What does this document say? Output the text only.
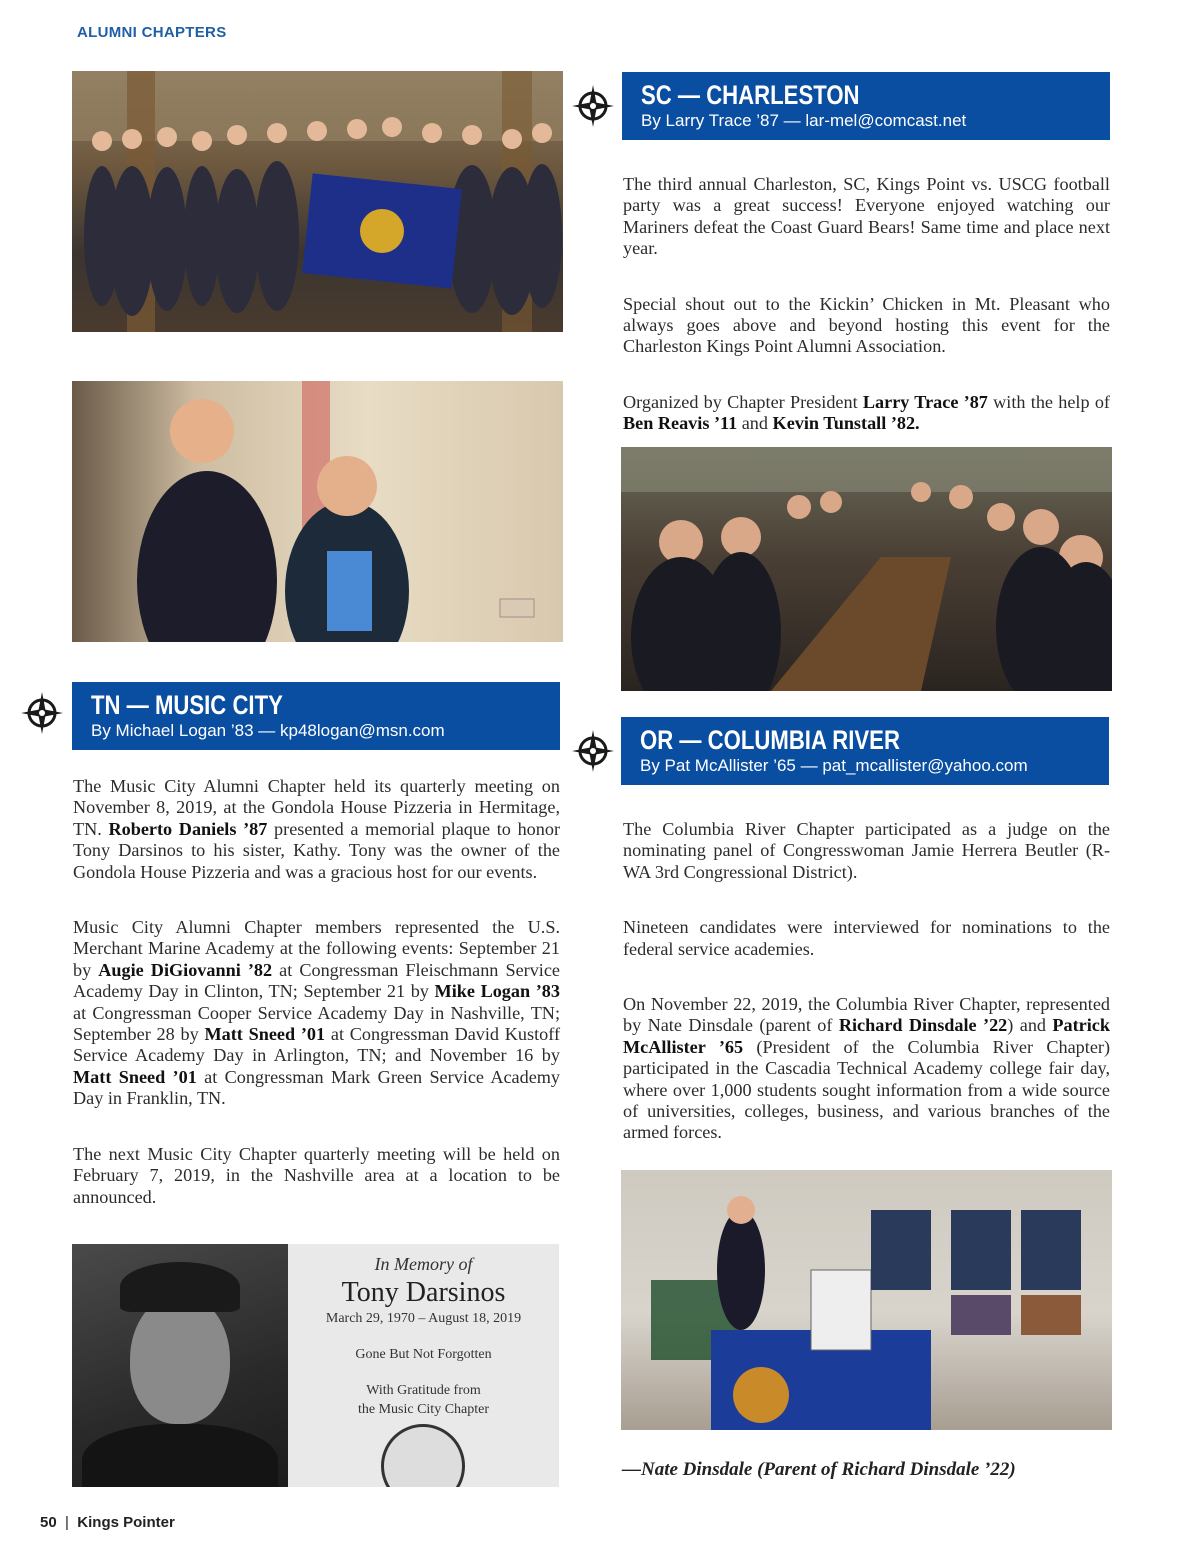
ALUMNI CHAPTERS
In Memory of
Tony Darsinos
March 29, 1970 – August 18, 2019
Gone But Not Forgotten
With Gratitude from
the Music City Chapter
SC — CHARLESTON
By Larry Trace ’87 — lar-mel@comcast.net
TN — MUSIC CITY
By Michael Logan ’83 — kp48logan@msn.com	OR — COLUMBIA RIVER
By Pat McAllister ’65 — pat_mcallister@yahoo.com

The third annual Charleston, SC, Kings Point vs. USCG football party was a great success! Everyone enjoyed watching our Mariners defeat the Coast Guard Bears! Same time and place next year.

Special shout out to the Kickin’ Chicken in Mt. Pleasant who always goes above and beyond hosting this event for the Charleston Kings Point Alumni Association.

Organized by Chapter President Larry Trace ’87 with the help of Ben Reavis ’11 and Kevin Tunstall ’82.

The Music City Alumni Chapter held its quarterly meeting on November 8, 2019, at the Gondola House Pizzeria in Hermitage, TN. Roberto Daniels ’87 presented a memorial plaque to honor Tony Darsinos to his sister, Kathy. Tony was the owner of the Gondola House Pizzeria and was a gracious host for our events.

Music City Alumni Chapter members represented the U.S. Merchant Marine Academy at the following events: September 21 by Augie DiGiovanni ’82 at Congressman Fleischmann Service Academy Day in Clinton, TN; September 21 by Mike Logan ’83 at Congressman Cooper Service Academy Day in Nashville, TN; September 28 by Matt Sneed ’01 at Congressman David Kustoff Service Academy Day in Arlington, TN; and November 16 by Matt Sneed ’01 at Congressman Mark Green Service Academy Day in Franklin, TN.

The next Music City Chapter quarterly meeting will be held on February 7, 2019, in the Nashville area at a location to be announced.

The Columbia River Chapter participated as a judge on the nominating panel of Congresswoman Jamie Herrera Beutler (R-WA 3rd Congressional District).

Nineteen candidates were interviewed for nominations to the federal service academies.

On November 22, 2019, the Columbia River Chapter, represented by Nate Dinsdale (parent of Richard Dinsdale ’22) and Patrick McAllister ’65 (President of the Columbia River Chapter) participated in the Cascadia Technical Academy college fair day, where over 1,000 students sought information from a wide source of universities, colleges, business, and various branches of the armed forces.

—Nate Dinsdale (Parent of Richard Dinsdale ’22)
50 | Kings Pointer
